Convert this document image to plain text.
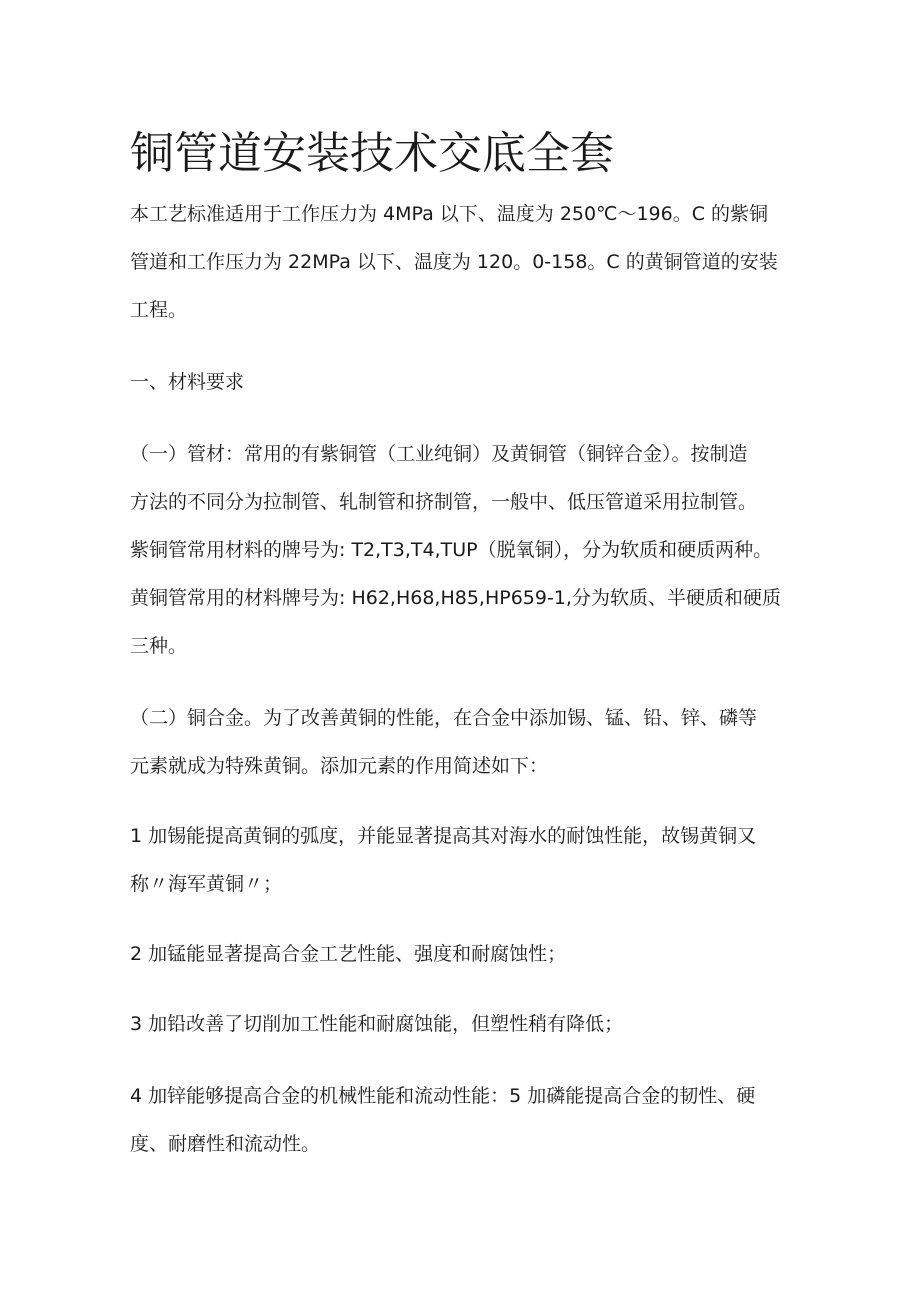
铜管道安装技术交底全套
本工艺标准适用于工作压力为 4MPa 以下、温度为 250℃～196。C 的紫铜
管道和工作压力为 22MPa 以下、温度为 120。0-158。C 的黄铜管道的安装
工程。
一、材料要求
（一）管材：常用的有紫铜管（工业纯铜）及黄铜管（铜锌合金）。按制造
方法的不同分为拉制管、轧制管和挤制管，一般中、低压管道采用拉制管。
紫铜管常用材料的牌号为: T2,T3,T4,TUP（脱氧铜），分为软质和硬质两种。
黄铜管常用的材料牌号为: H62,H68,H85,HP659-1,分为软质、半硬质和硬质
三种。
（二）铜合金。为了改善黄铜的性能，在合金中添加锡、锰、铅、锌、磷等
元素就成为特殊黄铜。添加元素的作用简述如下：
1 加锡能提高黄铜的弧度，并能显著提高其对海水的耐蚀性能，故锡黄铜又
称〃海军黄铜〃；
2 加锰能显著提高合金工艺性能、强度和耐腐蚀性；
3 加铅改善了切削加工性能和耐腐蚀能，但塑性稍有降低；
4 加锌能够提高合金的机械性能和流动性能：5 加磷能提高合金的韧性、硬
度、耐磨性和流动性。
